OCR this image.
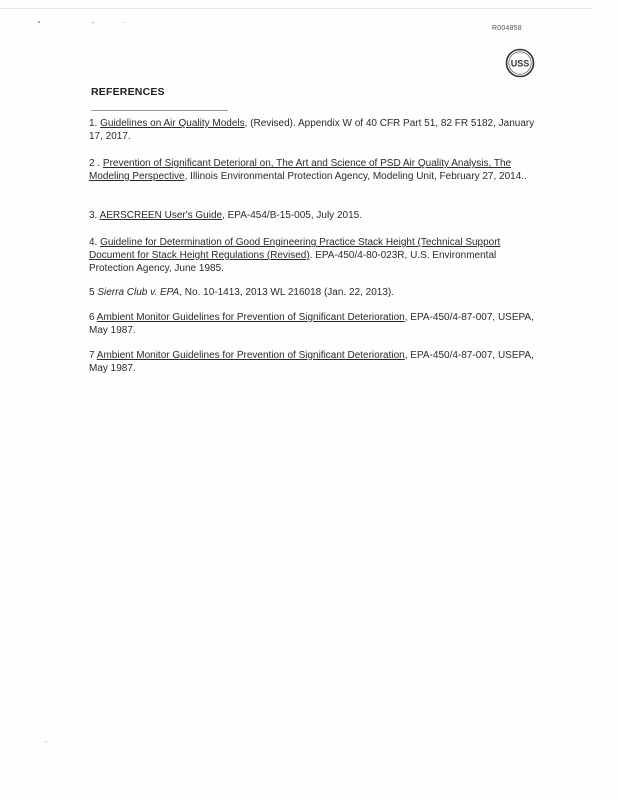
R004858
USS
REFERENCES
1. Guidelines on Air Quality Models, (Revised). Appendix W of 40 CFR Part 51, 82 FR 5182, January 17, 2017.
2 . Prevention of Significant Deterioral on, The Art and Science of PSD Air Quality Analysis, The Modeling Perspective, Illinois Environmental Protection Agency, Modeling Unit, February 27, 2014..
3. AERSCREEN User's Guide, EPA-454/B-15-005, July 2015.
4. Guideline for Determination of Good Engineering Practice Stack Height (Technical Support Document for Stack Height Regulations (Revised). EPA-450/4-80-023R, U.S. Environmental Protection Agency, June 1985.
5 Sierra Club v. EPA, No. 10-1413, 2013 WL 216018 (Jan. 22, 2013).
6 Ambient Monitor Guidelines for Prevention of Significant Deterioration, EPA-450/4-87-007, USEPA, May 1987.
7 Ambient Monitor Guidelines for Prevention of Significant Deterioration, EPA-450/4-87-007, USEPA, May 1987.
